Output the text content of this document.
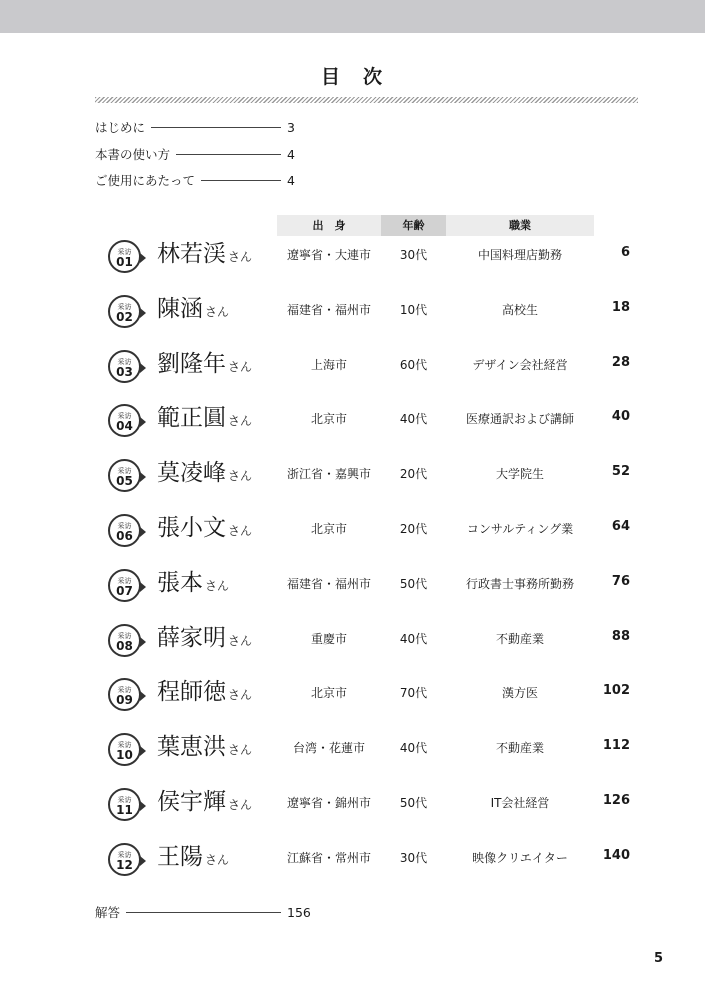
目　次
はじめに	3
本書の使い方	4
ご使用にあたって	4
出　身	年齢	職業
采访
01 林若渓 さん	遼寧省・大連市	30代	中国料理店勤務	6
采访
02 陳涵 さん	福建省・福州市	10代	高校生	18
采访
03 劉隆年 さん	上海市	60代	デザイン会社経営	28
采访
04 範正圓 さん	北京市	40代	医療通訳および講師	40
采访
05 莫凌峰 さん	浙江省・嘉興市	20代	大学院生	52
采访
06 張小文 さん	北京市	20代	コンサルティング業	64
采访
07 張本 さん	福建省・福州市	50代	行政書士事務所勤務	76
采访
08 薛家明 さん	重慶市	40代	不動産業	88
采访
09 程師徳 さん	北京市	70代	漢方医	102
采访
10 葉恵洪 さん	台湾・花蓮市	40代	不動産業	112
采访
11 侯宇輝 さん	遼寧省・錦州市	50代	IT会社経営	126
采访
12 王陽 さん	江蘇省・常州市	30代	映像クリエイター	140
解答	156
5
